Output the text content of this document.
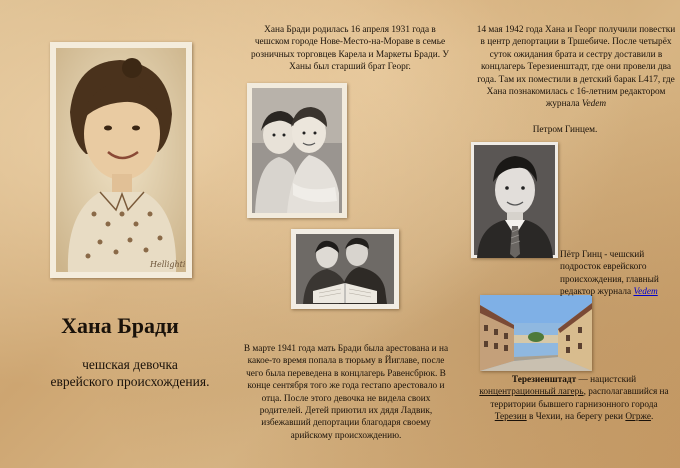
Hellighti
Хана Бради
чешская девочка
еврейского происхождения.

Хана Бради родилась 16 апреля 1931 года в чешском городе Нове-Место-на-Мораве в семье розничных торговцев Карела и Маркеты Бради. У Ханы был старший брат Георг.

14 мая 1942 года Хана и Георг получили повестки в центр депортации в Тршебиче. После четырёх суток ожидания брата и сестру доставили в концлагерь Терезиенштадт, где они провели два года. Там их поместили в детский барак L417, где Хана познакомилась с 16-летним редактором журнала Vedem

Петром Гинцем.

Пётр Гинц - чешский подросток еврейского происхождения, главный редактор журнала Vedem

В марте 1941 года мать Бради была арестована и на какое-то время попала в тюрьму в Йиглаве, после чего была переведена в концлагерь Равенсбрюк. В конце сентября того же года гестапо арестовало и отца. После этого девочка не видела своих родителей. Детей приютил их дядя Ладвик, избежавший депортации благодаря своему арийскому происхождению.

Терезиенштадт — нацистский концентрационный лагерь, располагавшийся на территории бывшего гарнизонного города Терезин в Чехии, на берегу реки Огрже.
